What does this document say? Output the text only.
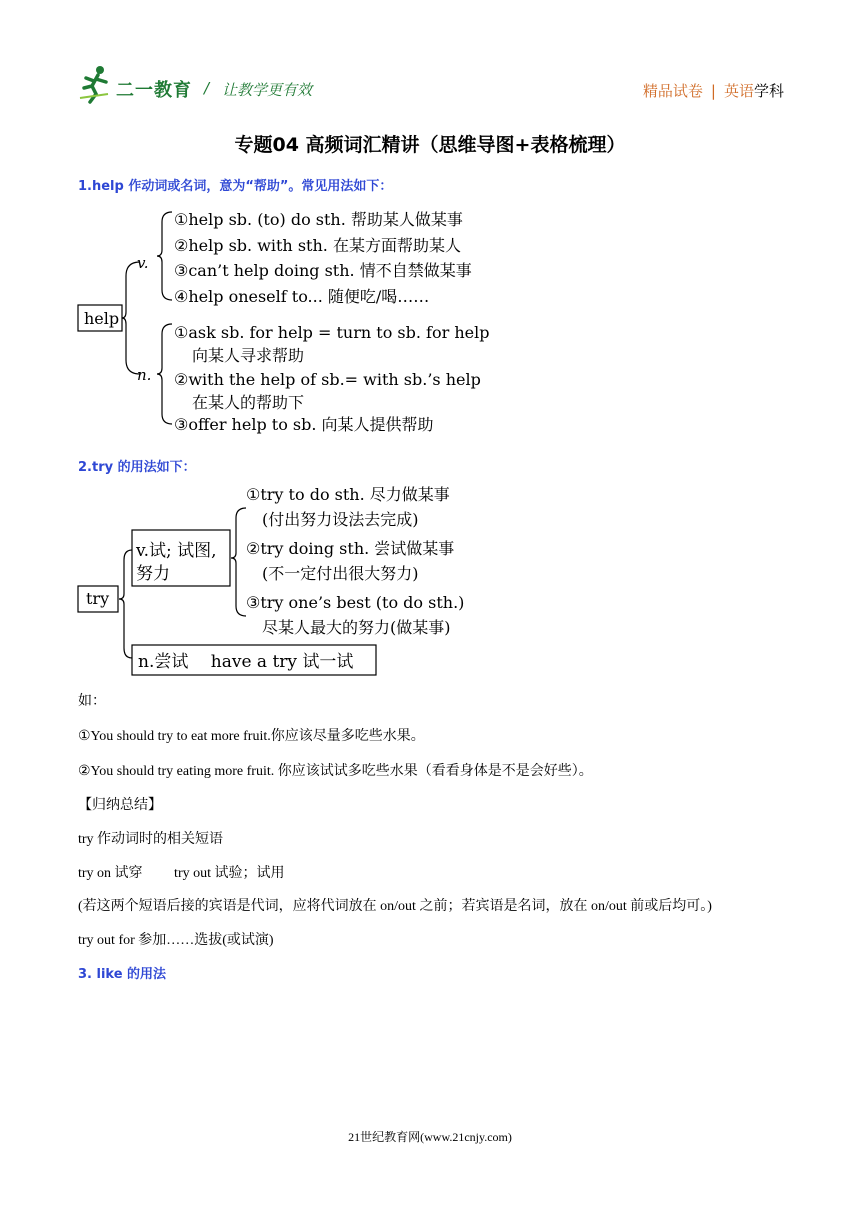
二一教育 / 让教学更有效	精品试卷 | 英语学科
专题04 高频词汇精讲（思维导图+表格梳理）
1.help 作动词或名词，意为“帮助”。常见用法如下：
help
v.
n.
①help sb. (to) do sth. 帮助某人做某事
②help sb. with sth. 在某方面帮助某人
③can’t help doing sth. 情不自禁做某事
④help oneself to... 随便吃/喝……
①ask sb. for help = turn to sb. for help
向某人寻求帮助
②with the help of sb.= with sb.’s help
在某人的帮助下
③offer help to sb. 向某人提供帮助
try
v.试; 试图,
努力
①try to do sth. 尽力做某事
(付出努力设法去完成)
②try doing sth. 尝试做某事
(不一定付出很大努力)
③try one’s best (to do sth.)
尽某人最大的努力(做某事)
n.尝试　 have a try 试一试
2.try 的用法如下：
如：
①You should try to eat more fruit.你应该尽量多吃些水果。
②You should try eating more fruit. 你应该试试多吃些水果（看看身体是不是会好些）。
【归纳总结】
try 作动词时的相关短语
try on 试穿　　 try out 试验；试用
(若这两个短语后接的宾语是代词，应将代词放在 on/out 之前；若宾语是名词，放在 on/out 前或后均可。)
try out for 参加……选拔(或试演)
3. like 的用法
21世纪教育网(www.21cnjy.com)
